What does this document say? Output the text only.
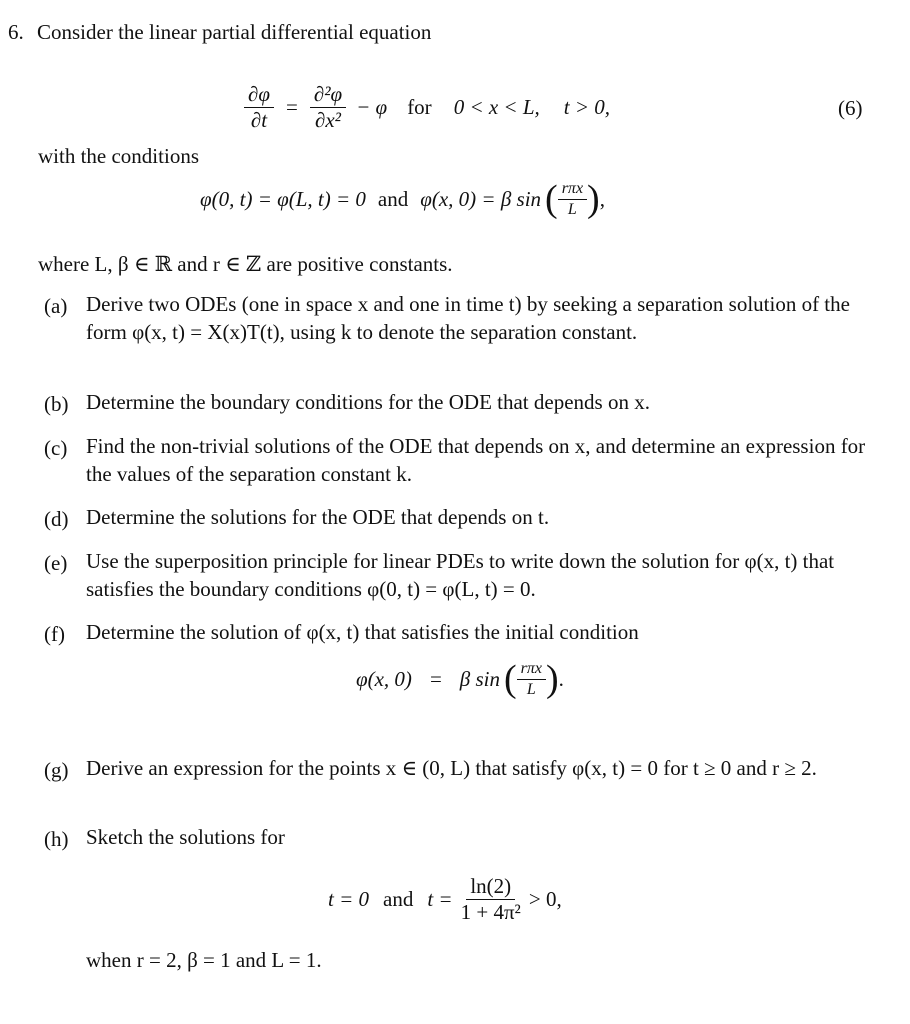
6. Consider the linear partial differential equation
$\frac{\partial\varphi}{\partial t} = \frac{\text{∂²φ}}{\text{∂x²}} - \varphi$ for 0 < x < L, t > 0,	(6)
with the conditions
φ(0, t) = φ(L, t) = 0 and φ(x, 0) = β sin ( $\frac{\text{rπx}}{L}$ ) ,
where L, β ∈ ℝ and r ∈ ℤ are positive constants.
(a) Derive two ODEs (one in space x and one in time t) by seeking a separation solution of the form φ(x, t) = X(x)T(t), using k to denote the separation constant.
(b) Determine the boundary conditions for the ODE that depends on x.
(c) Find the non-trivial solutions of the ODE that depends on x, and determine an expression for the values of the separation constant k.
(d) Determine the solutions for the ODE that depends on t.
(e) Use the superposition principle for linear PDEs to write down the solution for φ(x, t) that satisfies the boundary conditions φ(0, t) = φ(L, t) = 0.
(f) Determine the solution of φ(x, t) that satisfies the initial condition
φ(x, 0) = β sin ( $\frac{\text{rπx}}{L}$ ) .
(g) Derive an expression for the points x ∈ (0, L) that satisfy φ(x, t) = 0 for t ≥ 0 and r ≥ 2.
(h) Sketch the solutions for
t = 0 and $t = \frac{\ln(2)}{\text{1 + 4π²}} > 0$,
when r = 2, β = 1 and L = 1.
